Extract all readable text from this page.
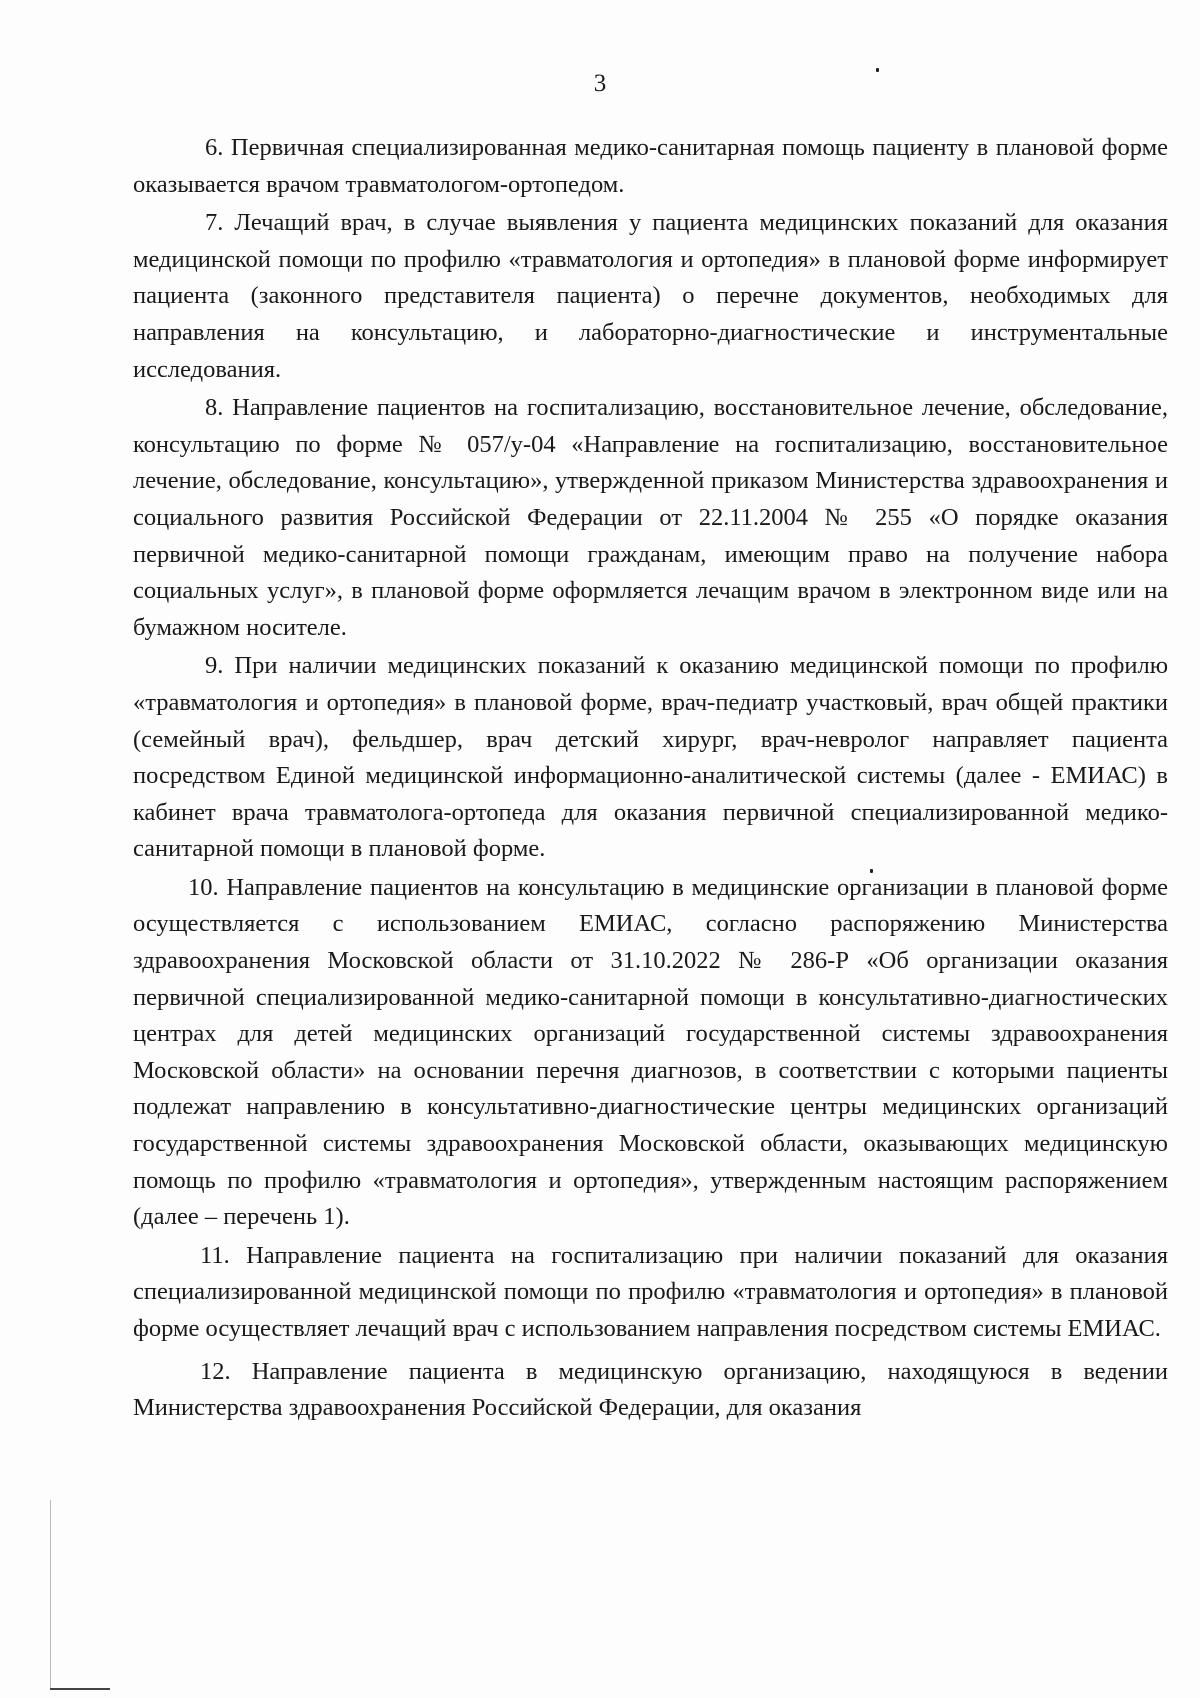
3

6. Первичная специализированная медико-санитарная помощь пациенту в плановой форме оказывается врачом травматологом-ортопедом.

7. Лечащий врач, в случае выявления у пациента медицинских показаний для оказания медицинской помощи по профилю «травматология и ортопедия» в плановой форме информирует пациента (законного представителя пациента) о перечне документов, необходимых для направления на консультацию, и лабораторно-диагностические и инструментальные исследования.

8. Направление пациентов на госпитализацию, восстановительное лечение, обследование, консультацию по форме № 057/у-04 «Направление на госпитализацию, восстановительное лечение, обследование, консультацию», утвержденной приказом Министерства здравоохранения и социального развития Российской Федерации от 22.11.2004 № 255 «О порядке оказания первичной медико-санитарной помощи гражданам, имеющим право на получение набора социальных услуг», в плановой форме оформляется лечащим врачом в электронном виде или на бумажном носителе.

9. При наличии медицинских показаний к оказанию медицинской помощи по профилю «травматология и ортопедия» в плановой форме, врач-педиатр участковый, врач общей практики (семейный врач), фельдшер, врач детский хирург, врач-невролог направляет пациента посредством Единой медицинской информационно-аналитической системы (далее - ЕМИАС) в кабинет врача травматолога-ортопеда для оказания первичной специализированной медико-санитарной помощи в плановой форме.

10. Направление пациентов на консультацию в медицинские организации в плановой форме осуществляется с использованием ЕМИАС, согласно распоряжению Министерства здравоохранения Московской области от 31.10.2022 № 286-Р «Об организации оказания первичной специализированной медико-санитарной помощи в консультативно-диагностических центрах для детей медицинских организаций государственной системы здравоохранения Московской области» на основании перечня диагнозов, в соответствии с которыми пациенты подлежат направлению в консультативно-диагностические центры медицинских организаций государственной системы здравоохранения Московской области, оказывающих медицинскую помощь по профилю «травматология и ортопедия», утвержденным настоящим распоряжением (далее – перечень 1).

11. Направление пациента на госпитализацию при наличии показаний для оказания специализированной медицинской помощи по профилю «травматология и ортопедия» в плановой форме осуществляет лечащий врач с использованием направления посредством системы ЕМИАС.

12. Направление пациента в медицинскую организацию, находящуюся в ведении Министерства здравоохранения Российской Федерации, для оказания
